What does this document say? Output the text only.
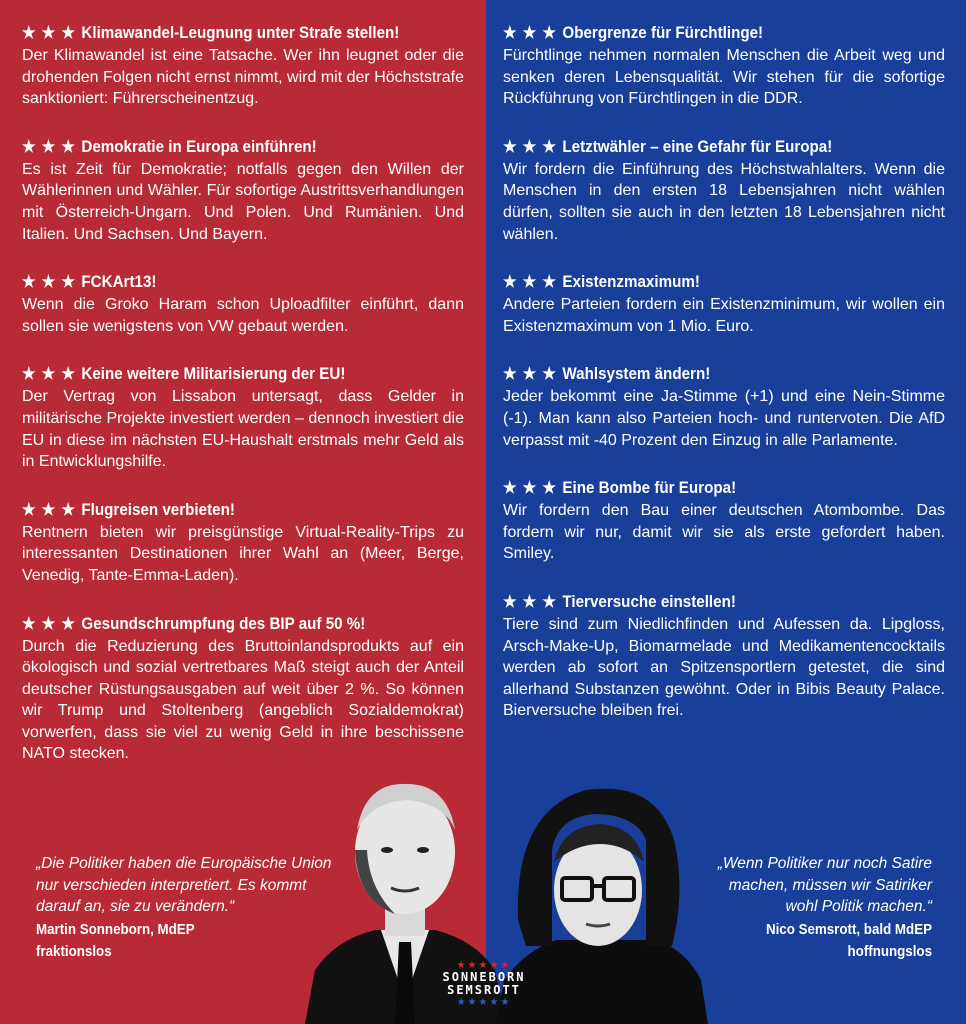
★ ★ ★ Klimawandel-Leugnung unter Strafe stellen!

Der Klimawandel ist eine Tatsache. Wer ihn leugnet oder die drohenden Folgen nicht ernst nimmt, wird mit der Höchststrafe sanktioniert: Führerscheinentzug.

★ ★ ★ Demokratie in Europa einführen!

Es ist Zeit für Demokratie; notfalls gegen den Willen der Wählerinnen und Wähler. Für sofortige Austrittsverhandlungen mit Österreich-Ungarn. Und Polen. Und Rumänien. Und Italien. Und Sachsen. Und Bayern.

★ ★ ★ FCKArt13!

Wenn die Groko Haram schon Uploadfilter einführt, dann sollen sie wenigstens von VW gebaut werden.

★ ★ ★ Keine weitere Militarisierung der EU!

Der Vertrag von Lissabon untersagt, dass Gelder in militärische Projekte investiert werden – dennoch investiert die EU in diese im nächsten EU-Haushalt erstmals mehr Geld als in Entwicklungshilfe.

★ ★ ★ Flugreisen verbieten!

Rentnern bieten wir preisgünstige Virtual-Reality-Trips zu interessanten Destinationen ihrer Wahl an (Meer, Berge, Venedig, Tante-Emma-Laden).

★ ★ ★ Gesundschrumpfung des BIP auf 50 %!

Durch die Reduzierung des Bruttoinlandsprodukts auf ein ökologisch und sozial vertretbares Maß steigt auch der Anteil deutscher Rüstungsausgaben auf weit über 2 %. So können wir Trump und Stoltenberg (angeblich Sozialdemokrat) vorwerfen, dass sie viel zu wenig Geld in ihre beschissene NATO stecken.

★ ★ ★ Obergrenze für Fürchtlinge!

Fürchtlinge nehmen normalen Menschen die Arbeit weg und senken deren Lebensqualität. Wir stehen für die sofortige Rückführung von Fürchtlingen in die DDR.

★ ★ ★ Letztwähler – eine Gefahr für Europa!

Wir fordern die Einführung des Höchstwahlalters. Wenn die Menschen in den ersten 18 Lebensjahren nicht wählen dürfen, sollten sie auch in den letzten 18 Lebensjahren nicht wählen.

★ ★ ★ Existenzmaximum!

Andere Parteien fordern ein Existenzminimum, wir wollen ein Existenzmaximum von 1 Mio. Euro.

★ ★ ★ Wahlsystem ändern!

Jeder bekommt eine Ja-Stimme (+1) und eine Nein-Stimme (-1). Man kann also Parteien hoch- und runtervoten. Die AfD verpasst mit -40 Prozent den Einzug in alle Parlamente.

★ ★ ★ Eine Bombe für Europa!

Wir fordern den Bau einer deutschen Atombombe. Das fordern wir nur, damit wir sie als erste gefordert haben. Smiley.

★ ★ ★ Tierversuche einstellen!

Tiere sind zum Niedlichfinden und Aufessen da. Lipgloss, Arsch-Make-Up, Biomarmelade und Medikamentencocktails werden ab sofort an Spitzensportlern getestet, die sind allerhand Substanzen gewöhnt. Oder in Bibis Beauty Palace. Bierversuche bleiben frei.

„Die Politiker haben die Europäische Union nur verschieden interpretiert. Es kommt darauf an, sie zu verändern.“
Martin Sonneborn, MdEP
fraktionslos
„Wenn Politiker nur noch Satire machen, müssen wir Satiriker wohl Politik machen.“
Nico Semsrott, bald MdEP
hoffnungslos
★★★★★
SONNEBORN
SEMSROTT
★★★★★
